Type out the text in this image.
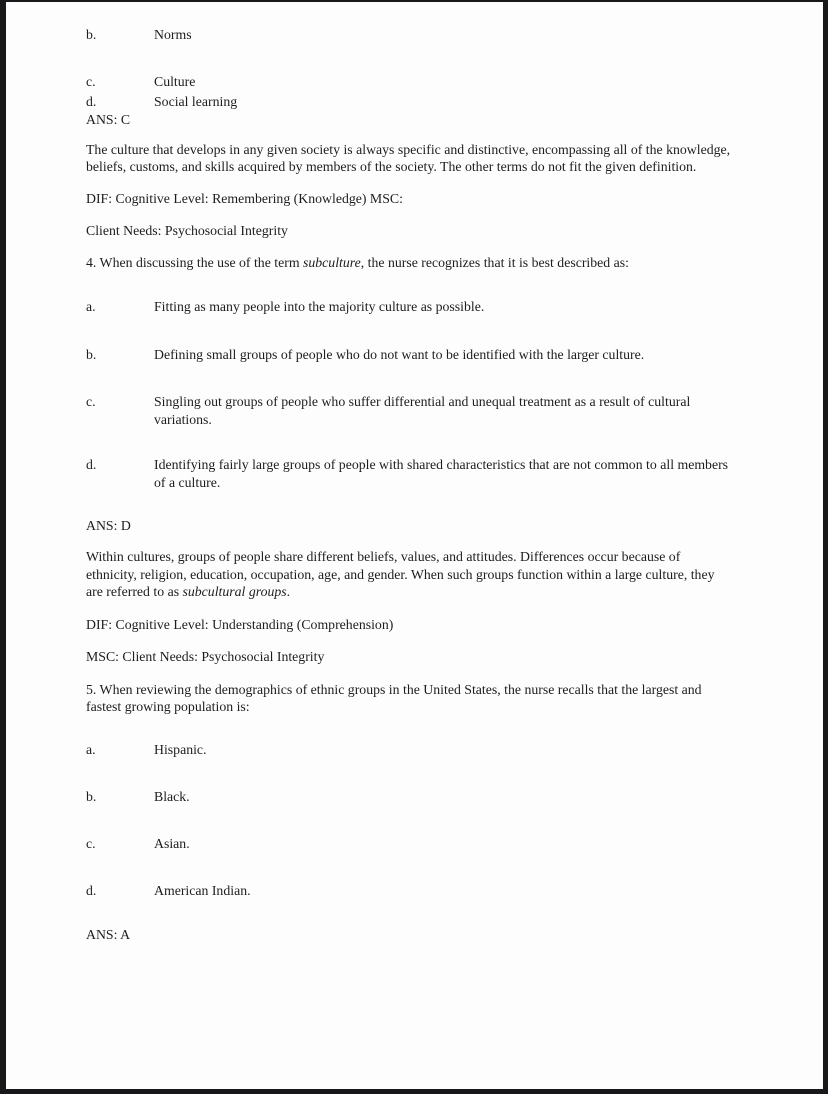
b.	Norms
c.	Culture
d.	Social learning
ANS: C

The culture that develops in any given society is always specific and distinctive, encompassing all of the knowledge, beliefs, customs, and skills acquired by members of the society. The other terms do not fit the given definition.

DIF: Cognitive Level: Remembering (Knowledge) MSC:
Client Needs: Psychosocial Integrity

4. When discussing the use of the term subculture, the nurse recognizes that it is best described as:

a.	Fitting as many people into the majority culture as possible.
b.	Defining small groups of people who do not want to be identified with the larger culture.
c.	Singling out groups of people who suffer differential and unequal treatment as a result of cultural variations.
d.	Identifying fairly large groups of people with shared characteristics that are not common to all members of a culture.
ANS: D

Within cultures, groups of people share different beliefs, values, and attitudes. Differences occur because of ethnicity, religion, education, occupation, age, and gender. When such groups function within a large culture, they are referred to as subcultural groups.

DIF: Cognitive Level: Understanding (Comprehension)
MSC: Client Needs: Psychosocial Integrity

5. When reviewing the demographics of ethnic groups in the United States, the nurse recalls that the largest and fastest growing population is:

a.	Hispanic.
b.	Black.
c.	Asian.
d.	American Indian.
ANS: A
